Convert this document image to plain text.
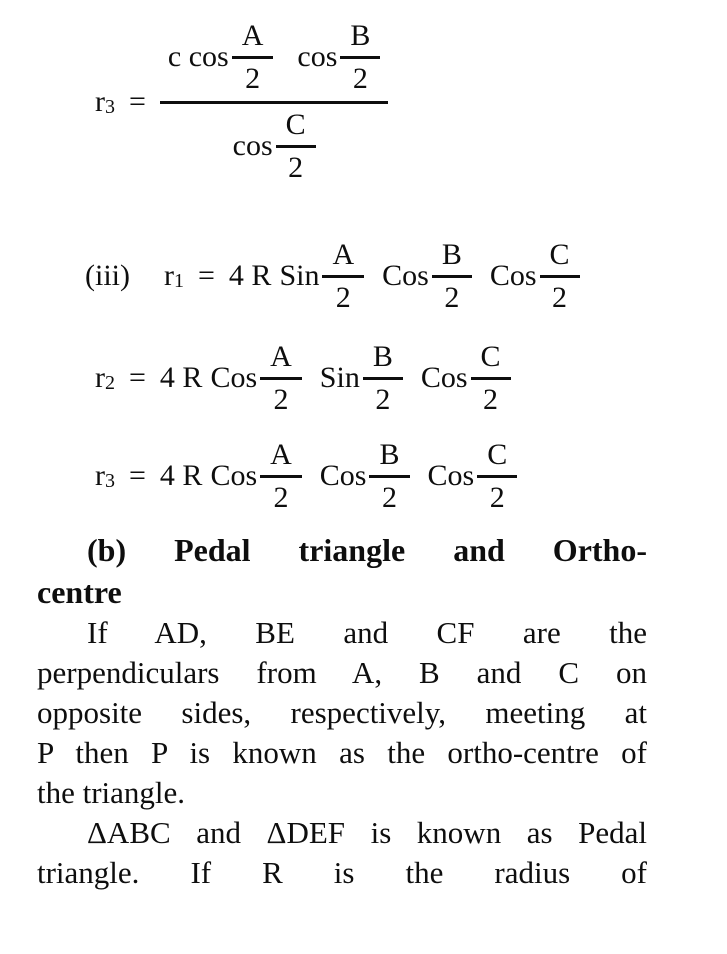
r 3 =
c $\cos \frac{A}{2}$ $\cos \frac{B}{2}$
$\cos \frac{C}{2}$
(iii) r 1 = 4 R Sin $\frac{A}{2}$ Cos $\frac{B}{2}$ Cos $\frac{C}{2}$
r 2 = 4 R Cos $\frac{A}{2}$ Sin $\frac{B}{2}$ Cos $\frac{C}{2}$
r 3 = 4 R Cos $\frac{A}{2}$ Cos $\frac{B}{2}$ Cos $\frac{C}{2}$
(b) Pedal triangle and Ortho-
centre
If AD, BE and CF are the
perpendiculars from A, B and C on
opposite sides, respectively, meeting at
P then P is known as the ortho-centre of
the triangle.
ΔABC and ΔDEF is known as Pedal
triangle. If R is the radius of
